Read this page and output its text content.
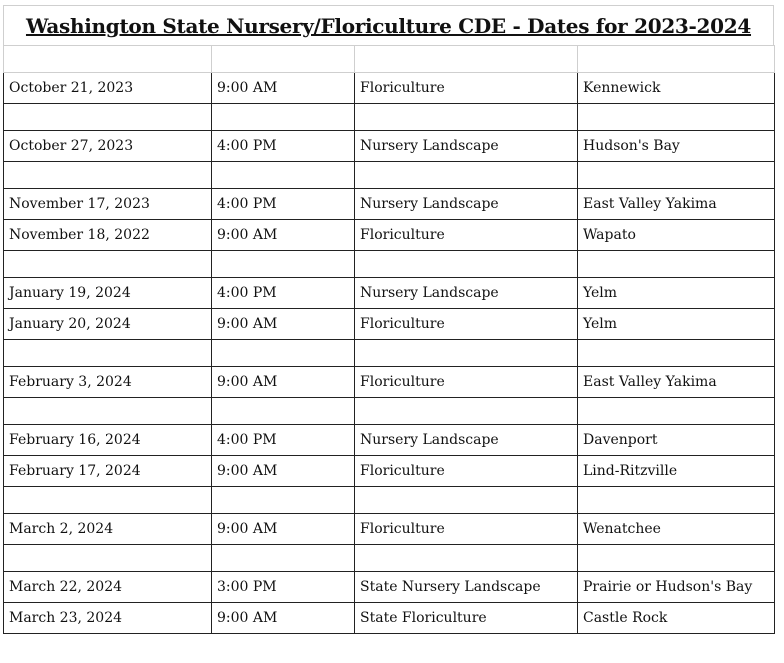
Washington State Nursery/Floriculture CDE - Dates for 2023-2024

October 21, 2023	9:00 AM	Floriculture	Kennewick

October 27, 2023	4:00 PM	Nursery Landscape	Hudson's Bay

November 17, 2023	4:00 PM	Nursery Landscape	East Valley Yakima
November 18, 2022	9:00 AM	Floriculture	Wapato

January 19, 2024	4:00 PM	Nursery Landscape	Yelm
January 20, 2024	9:00 AM	Floriculture	Yelm

February 3, 2024	9:00 AM	Floriculture	East Valley Yakima

February 16, 2024	4:00 PM	Nursery Landscape	Davenport
February 17, 2024	9:00 AM	Floriculture	Lind-Ritzville

March 2, 2024	9:00 AM	Floriculture	Wenatchee

March 22, 2024	3:00 PM	State Nursery Landscape	Prairie or Hudson's Bay
March 23, 2024	9:00 AM	State Floriculture	Castle Rock
